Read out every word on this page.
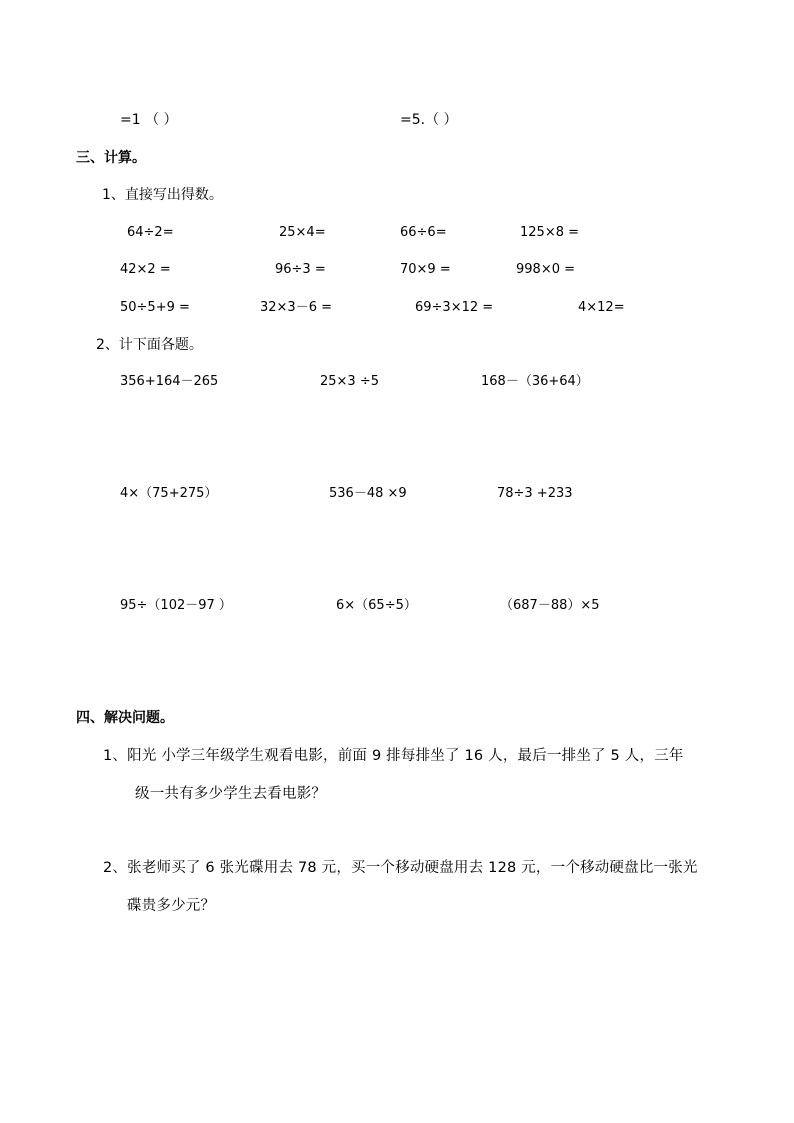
=1 （ ）	=5.（ ）
三、计算。
1、直接写出得数。
64÷2=	25×4=	66÷6=	125×8 =
42×2 =	96÷3 =	70×9 =	998×0 =
50÷5+9 =	32×3－6 =	69÷3×12 =	4×12=
2、计下面各题。
356+164－265	25×3 ÷5	168－（36+64）
4×（75+275）	536－48 ×9	78÷3 +233
95÷（102－97 ）	6×（65÷5）	（687－88）×5
四、解决问题。
1、阳光 小学三年级学生观看电影，前面 9 排每排坐了 16 人，最后一排坐了 5 人，三年
级一共有多少学生去看电影？
2、张老师买了 6 张光碟用去 78 元，买一个移动硬盘用去 128 元，一个移动硬盘比一张光
碟贵多少元？
